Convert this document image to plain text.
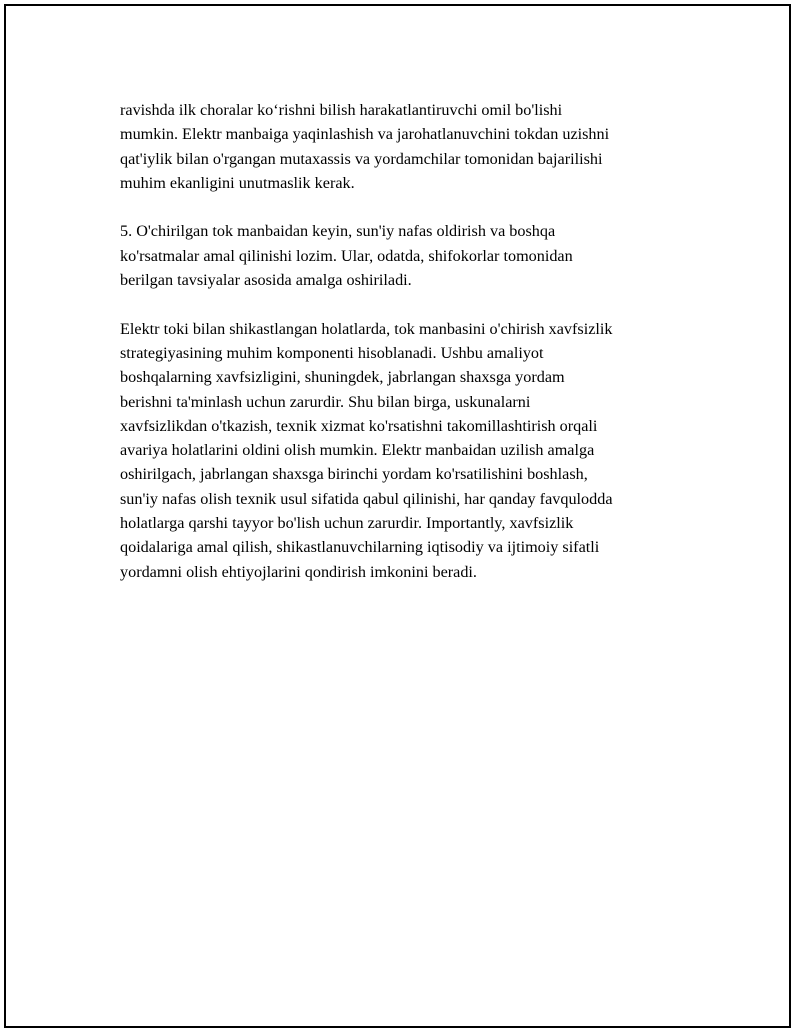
ravishda ilk choralar koʻrishni bilish harakatlantiruvchi omil bo'lishi
mumkin. Elektr manbaiga yaqinlashish va jarohatlanuvchini tokdan uzishni
qat'iylik bilan o'rgangan mutaxassis va yordamchilar tomonidan bajarilishi
muhim ekanligini unutmaslik kerak.

5. O'chirilgan tok manbaidan keyin, sun'iy nafas oldirish va boshqa
ko'rsatmalar amal qilinishi lozim. Ular, odatda, shifokorlar tomonidan
berilgan tavsiyalar asosida amalga oshiriladi.

Elektr toki bilan shikastlangan holatlarda, tok manbasini o'chirish xavfsizlik
strategiyasining muhim komponenti hisoblanadi. Ushbu amaliyot
boshqalarning xavfsizligini, shuningdek, jabrlangan shaxsga yordam
berishni ta'minlash uchun zarurdir. Shu bilan birga, uskunalarni
xavfsizlikdan o'tkazish, texnik xizmat ko'rsatishni takomillashtirish orqali
avariya holatlarini oldini olish mumkin. Elektr manbaidan uzilish amalga
oshirilgach, jabrlangan shaxsga birinchi yordam ko'rsatilishini boshlash,
sun'iy nafas olish texnik usul sifatida qabul qilinishi, har qanday favqulodda
holatlarga qarshi tayyor bo'lish uchun zarurdir. Importantly, xavfsizlik
qoidalariga amal qilish, shikastlanuvchilarning iqtisodiy va ijtimoiy sifatli
yordamni olish ehtiyojlarini qondirish imkonini beradi.
